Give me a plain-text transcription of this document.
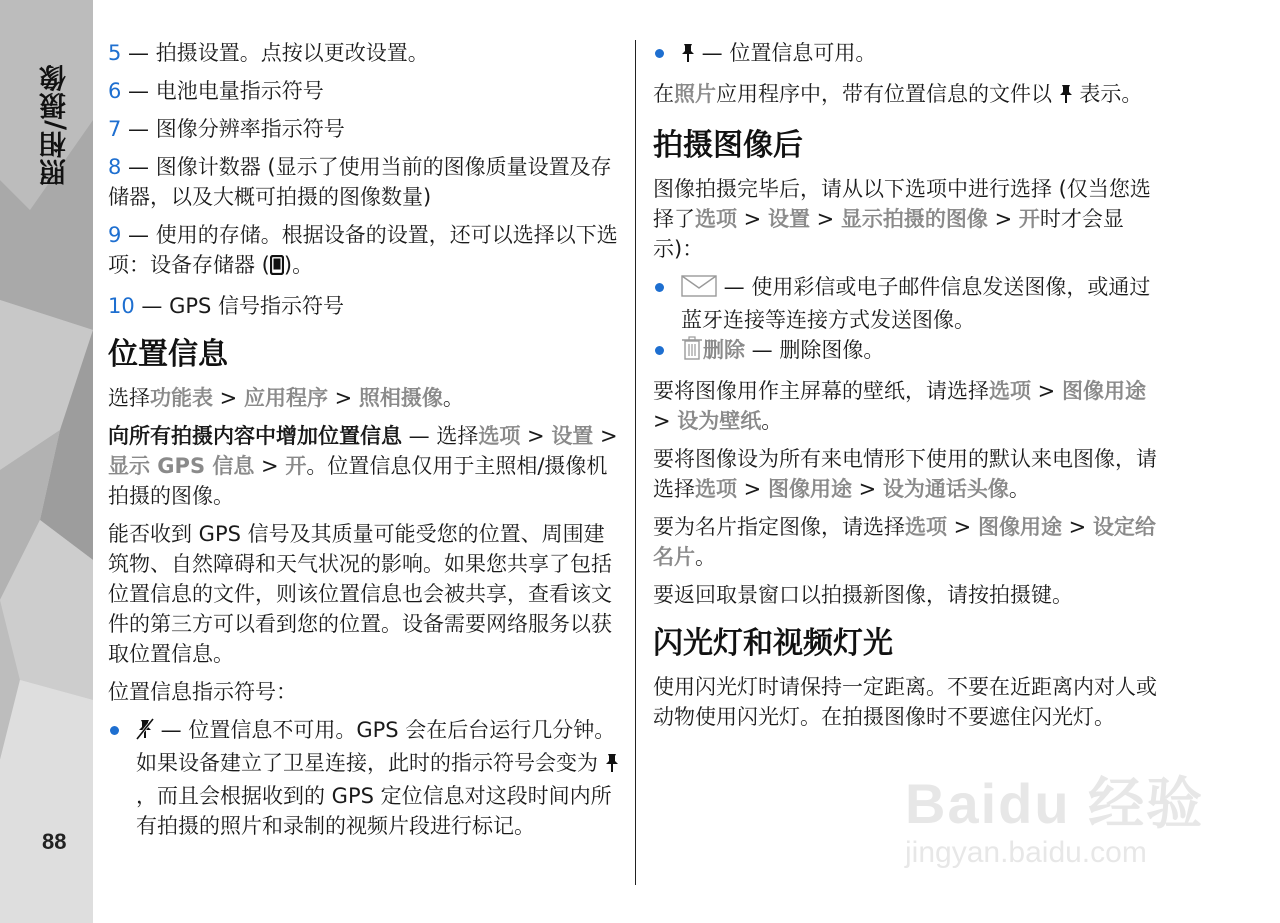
照相/摄像
88

5 — 拍摄设置。点按以更改设置。

6 — 电池电量指示符号

7 — 图像分辨率指示符号

8 — 图像计数器 (显示了使用当前的图像质量设置及存储器，以及大概可拍摄的图像数量)

9 — 使用的存储。根据设备的设置，还可以选择以下选项：设备存储器 ( )。

10 — GPS 信号指示符号

位置信息

选择功能表 > 应用程序 > 照相摄像。

向所有拍摄内容中增加位置信息 — 选择选项 > 设置 > 显示 GPS 信息 > 开。位置信息仅用于主照相/摄像机拍摄的图像。

能否收到 GPS 信号及其质量可能受您的位置、周围建筑物、自然障碍和天气状况的影响。如果您共享了包括位置信息的文件，则该位置信息也会被共享，查看该文件的第三方可以看到您的位置。设备需要网络服务以获取位置信息。

位置信息指示符号：

— 位置信息不可用。GPS 会在后台运行几分钟。如果设备建立了卫星连接，此时的指示符号会变为 ，而且会根据收到的 GPS 定位信息对这段时间内所有拍摄的照片和录制的视频片段进行标记。
— 位置信息可用。

在照片应用程序中，带有位置信息的文件以  表示。

拍摄图像后

图像拍摄完毕后，请从以下选项中进行选择 (仅当您选择了选项 > 设置 > 显示拍摄的图像 > 开时才会显示)：

— 使用彩信或电子邮件信息发送图像，或通过蓝牙连接等连接方式发送图像。
删除 — 删除图像。

要将图像用作主屏幕的壁纸，请选择选项 > 图像用途 > 设为壁纸。

要将图像设为所有来电情形下使用的默认来电图像，请选择选项 > 图像用途 > 设为通话头像。

要为名片指定图像，请选择选项 > 图像用途 > 设定给名片。

要返回取景窗口以拍摄新图像，请按拍摄键。

闪光灯和视频灯光

使用闪光灯时请保持一定距离。不要在近距离内对人或动物使用闪光灯。在拍摄图像时不要遮住闪光灯。

Baidu 经验
jingyan.baidu.com
